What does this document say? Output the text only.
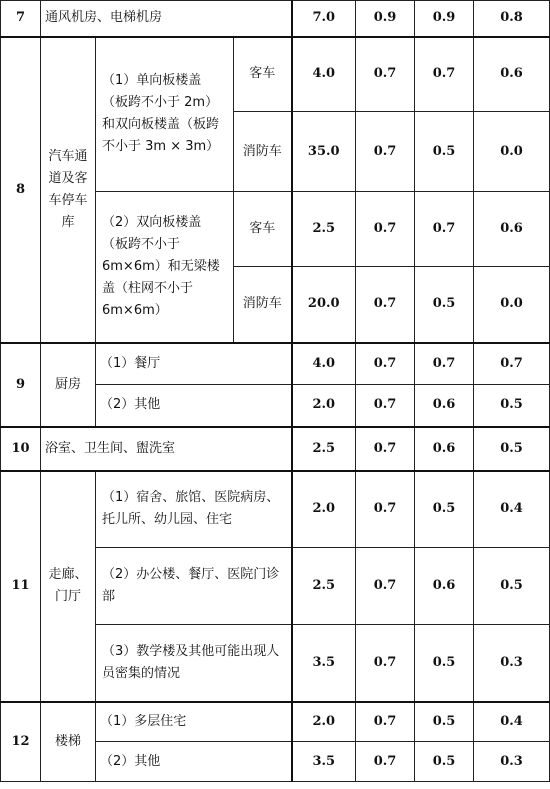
7	通风机房、电梯机房			7.0	0.9	0.9	0.8
8	汽车通道及客车停车库	（1）单向板楼盖（板跨不小于 2m）和双向板楼盖（板跨不小于 3m × 3m）	客车	4.0	0.7	0.7	0.6
			消防车	35.0	0.7	0.5	0.0
		（2）双向板楼盖（板跨不小于 6m×6m）和无梁楼盖（柱网不小于 6m×6m）	客车	2.5	0.7	0.7	0.6
			消防车	20.0	0.7	0.5	0.0
9	厨房	（1）餐厅		4.0	0.7	0.7	0.7
		（2）其他		2.0	0.7	0.6	0.5
10	浴室、卫生间、盥洗室			2.5	0.7	0.6	0.5
11	走廊、门厅	（1）宿舍、旅馆、医院病房、托儿所、幼儿园、住宅		2.0	0.7	0.5	0.4
		（2）办公楼、餐厅、医院门诊部		2.5	0.7	0.6	0.5
		（3）教学楼及其他可能出现人员密集的情况		3.5	0.7	0.5	0.3
12	楼梯	（1）多层住宅		2.0	0.7	0.5	0.4
		（2）其他		3.5	0.7	0.5	0.3
